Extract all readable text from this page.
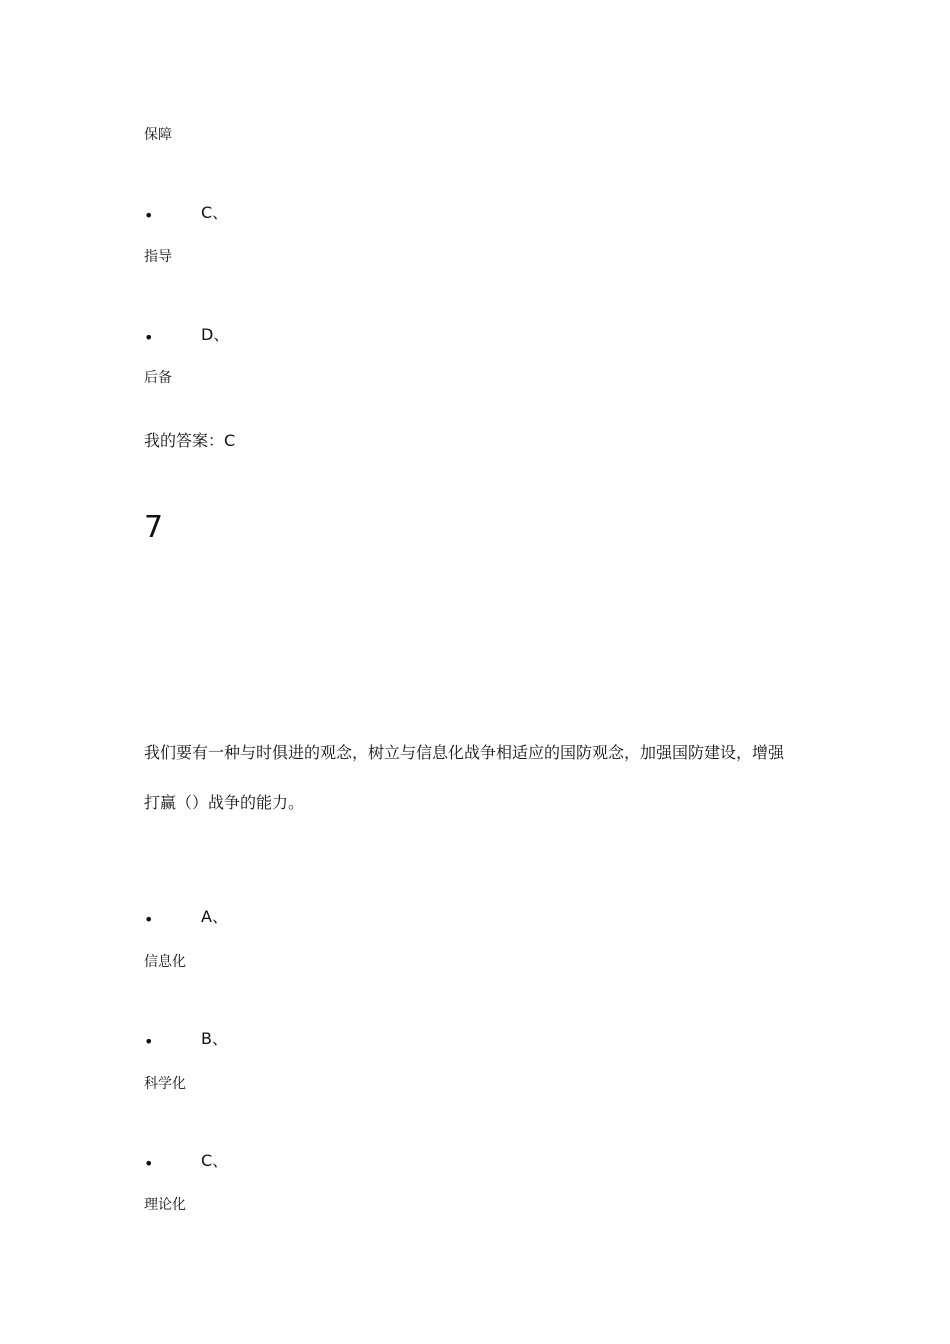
保障
•	C、
指导
•	D、
后备
我的答案：C
7
我们要有一种与时俱进的观念，树立与信息化战争相适应的国防观念，加强国防建设，增强
打赢（）战争的能力。
•	A、
信息化
•	B、
科学化
•	C、
理论化
